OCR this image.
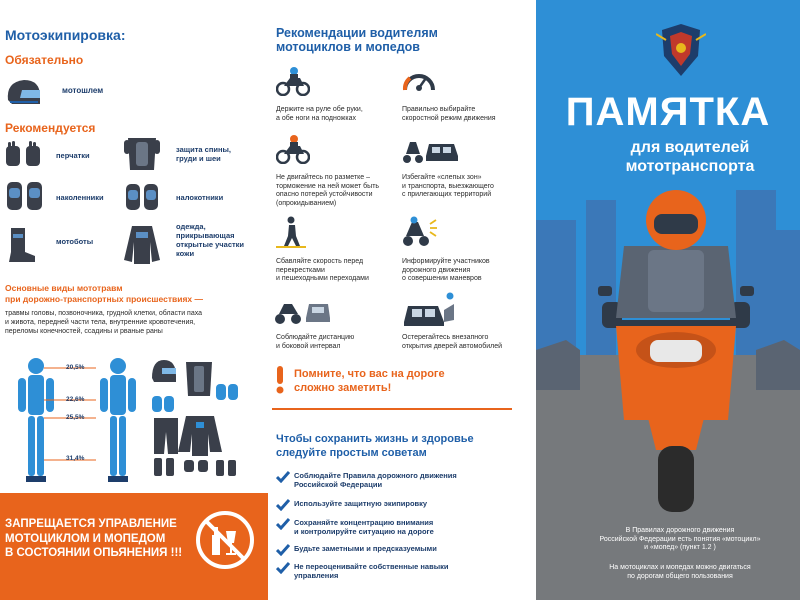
Мотоэкипировка:
Обязательно
мотошлем
Рекомендуется
перчатки
наколенники
мотоботы
защита спины,
груди и шеи
налокотники
одежда,
прикрывающая
открытые участки
кожи
Основные виды мототравм
при дорожно-транспортных происшествиях —
травмы головы, позвоночника, грудной клетки, области паха
и живота, передней части тела, внутренние кровотечения,
переломы конечностей, ссадины и рваные раны
20,5%
22,6%
25,5%
31,4%
ЗАПРЕЩАЕТСЯ УПРАВЛЕНИЕ
МОТОЦИКЛОМ И МОПЕДОМ
В СОСТОЯНИИ ОПЬЯНЕНИЯ !!!
Рекомендации водителям
мотоциклов и мопедов
Держите на руле обе руки,
а обе ноги на подножках
Правильно выбирайте
скоростной режим движения
Не двигайтесь по разметке –
торможение на ней может быть
опасно потерей устойчивости
(опрокидыванием)
Избегайте «слепых зон»
и транспорта, выезжающего
с прилегающих территорий
Сбавляйте скорость перед
перекрестками
и пешеходными переходами
Информируйте участников
дорожного движения
о совершении маневров
Соблюдайте дистанцию
и боковой интервал
Остерегайтесь внезапного
открытия дверей автомобилей
Помните, что вас на дороге
сложно заметить!
Чтобы сохранить жизнь и здоровье
следуйте простым советам
Соблюдайте Правила дорожного движения
Российской Федерации
Используйте защитную экипировку
Сохраняйте концентрацию внимания
и контролируйте ситуацию на дороге
Будьте заметными и предсказуемыми
Не переоценивайте собственные навыки
управления
ПАМЯТКА
для водителей
мототранспорта
В Правилах дорожного движения
Российской Федерации есть понятия «мотоцикл»
и «мопед» (пункт 1.2 )
На мотоциклах и мопедах можно двигаться
по дорогам общего пользования
